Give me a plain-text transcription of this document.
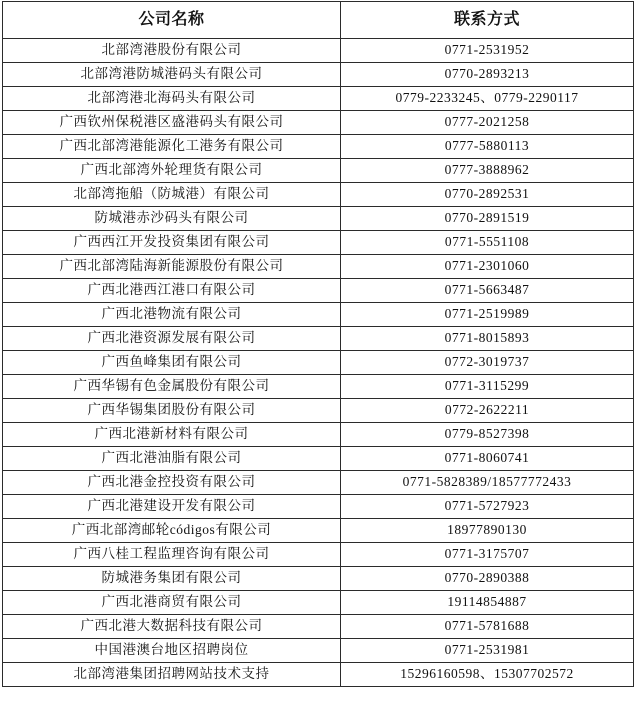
公司名称	联系方式
北部湾港股份有限公司	0771-2531952
北部湾港防城港码头有限公司	0770-2893213
北部湾港北海码头有限公司	0779-2233245、0779-2290117
广西钦州保税港区盛港码头有限公司	0777-2021258
广西北部湾港能源化工港务有限公司	0777-5880113
广西北部湾外轮理货有限公司	0777-3888962
北部湾拖船（防城港）有限公司	0770-2892531
防城港赤沙码头有限公司	0770-2891519
广西西江开发投资集团有限公司	0771-5551108
广西北部湾陆海新能源股份有限公司	0771-2301060
广西北港西江港口有限公司	0771-5663487
广西北港物流有限公司	0771-2519989
广西北港资源发展有限公司	0771-8015893
广西鱼峰集团有限公司	0772-3019737
广西华锡有色金属股份有限公司	0771-3115299
广西华锡集团股份有限公司	0772-2622211
广西北港新材料有限公司	0779-8527398
广西北港油脂有限公司	0771-8060741
广西北港金控投资有限公司	0771-5828389/18577772433
广西北港建设开发有限公司	0771-5727923
广西北部湾邮轮códigos有限公司	18977890130
广西八桂工程监理咨询有限公司	0771-3175707
防城港务集团有限公司	0770-2890388
广西北港商贸有限公司	19114854887
广西北港大数据科技有限公司	0771-5781688
中国港澳台地区招聘岗位	0771-2531981
北部湾港集团招聘网站技术支持	15296160598、15307702572
